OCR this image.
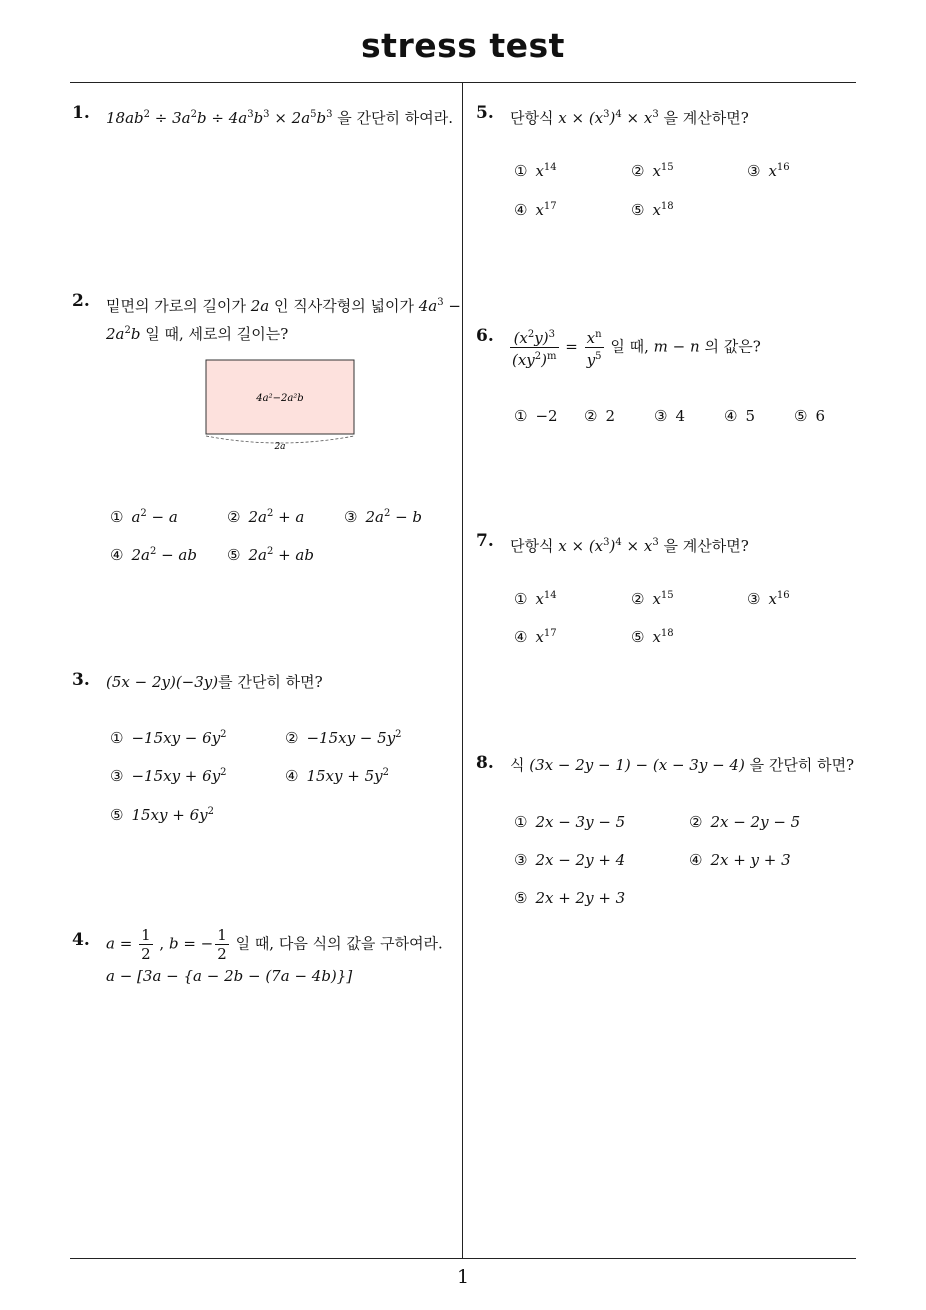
stress test
1
1. $18ab^2 \div 3a^2b \div 4a^3b^3 \times 2a^5b^3$ 을 간단히 하여라.
2. 밑면의 가로의 길이가 2a 인 직사각형의 넓이가 $4a^3$ −
$2a^2b$ 일 때, 세로의 길이는?
4a²−2a²b
2a
① $a^2 - a$	② $2a^2 + a$	③ $2a^2 - b$
④ $2a^2$ − ab ⑤ $2a^2$ + ab
3. (5x − 2y)(−3y)를 간단히 하면?
① $-15xy - 6y^2$	② $-15xy - 5y^2$
③ $-15xy + 6y^2$	④ $15xy + 5y^2$
⑤ $15xy + 6y^2$
4. $a = \frac{1}{2}$ , b = − $\frac{1}{2}$ 일 때, 다음 식의 값을 구하여라.
a − [3a − {a − 2b − (7a − 4b)}]
5. 단항식 $x \times (x^3)^4 \times x^3$ 을 계산하면?
① $x^{14}$	② $x^{15}$	③ $x^{16}$
④ $x^{17}$	⑤ $x^{18}$
6. $\frac{(x^2y)^3}{(xy^2)^m} = \frac{x^n}{y^5}$ 일 때, m − n 의 값은?
① −2 ② 2	③ 4	④ 5	⑤ 6
7. 단항식 $x \times (x^3)^4 \times x^3$ 을 계산하면?
① $x^{14}$	② $x^{15}$	③ $x^{16}$
④ $x^{17}$	⑤ $x^{18}$
8. 식 (3x − 2y − 1) − (x − 3y − 4) 을 간단히 하면?
① 2x − 3y − 5	② 2x − 2y − 5
③ 2x − 2y + 4	④ 2x + y + 3
⑤ 2x + 2y + 3
